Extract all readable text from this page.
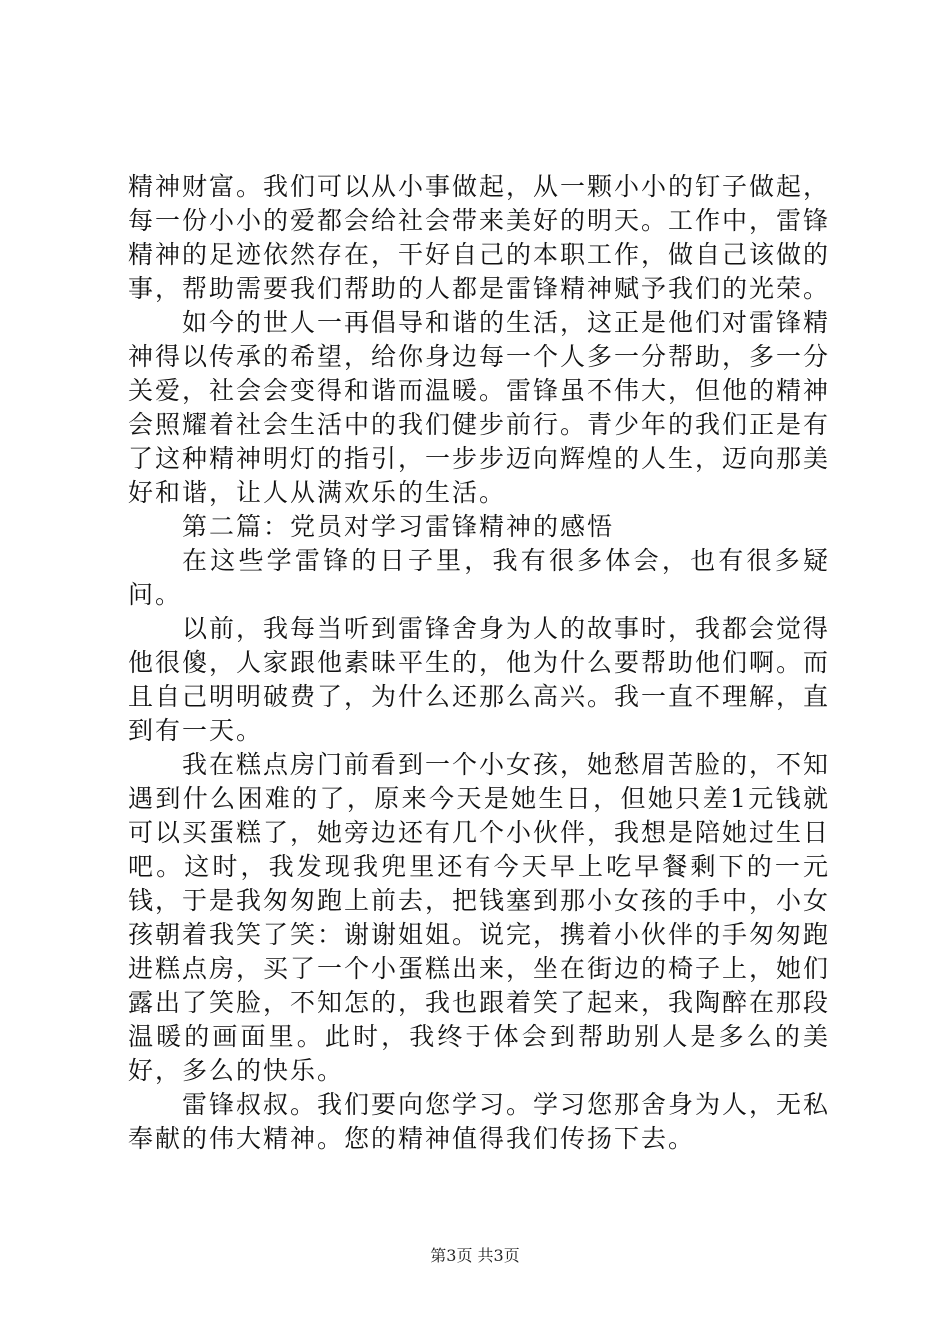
精神财富。我们可以从小事做起，从一颗小小的钉子做起，每一份小小的爱都会给社会带来美好的明天。工作中，雷锋精神的足迹依然存在，干好自己的本职工作，做自己该做的事，帮助需要我们帮助的人都是雷锋精神赋予我们的光荣。

如今的世人一再倡导和谐的生活，这正是他们对雷锋精神得以传承的希望，给你身边每一个人多一分帮助，多一分关爱，社会会变得和谐而温暖。雷锋虽不伟大，但他的精神会照耀着社会生活中的我们健步前行。青少年的我们正是有了这种精神明灯的指引，一步步迈向辉煌的人生，迈向那美好和谐，让人从满欢乐的生活。

第二篇：党员对学习雷锋精神的感悟

在这些学雷锋的日子里，我有很多体会，也有很多疑问。

以前，我每当听到雷锋舍身为人的故事时，我都会觉得他很傻，人家跟他素昧平生的，他为什么要帮助他们啊。而且自己明明破费了，为什么还那么高兴。我一直不理解，直到有一天。

我在糕点房门前看到一个小女孩，她愁眉苦脸的，不知遇到什么困难的了，原来今天是她生日，但她只差1元钱就可以买蛋糕了，她旁边还有几个小伙伴，我想是陪她过生日吧。这时，我发现我兜里还有今天早上吃早餐剩下的一元钱，于是我匆匆跑上前去，把钱塞到那小女孩的手中，小女孩朝着我笑了笑：谢谢姐姐。说完，携着小伙伴的手匆匆跑进糕点房，买了一个小蛋糕出来，坐在街边的椅子上，她们露出了笑脸，不知怎的，我也跟着笑了起来，我陶醉在那段温暖的画面里。此时，我终于体会到帮助别人是多么的美好，多么的快乐。

雷锋叔叔。我们要向您学习。学习您那舍身为人，无私奉献的伟大精神。您的精神值得我们传扬下去。

第3页 共3页
